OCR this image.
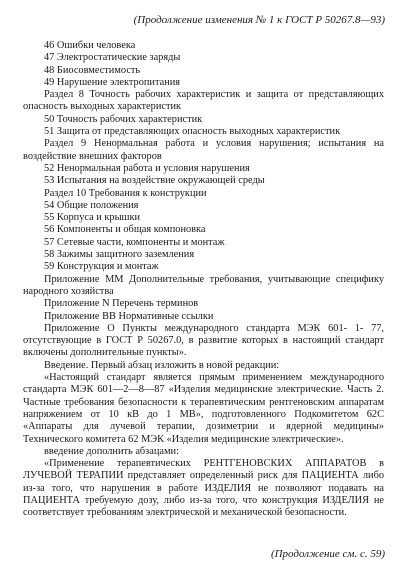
(Продолжение изменения № 1 к ГОСТ Р 50267.8—93)
46 Ошибки человека
47 Электростатические заряды
48 Биосовместимость
49 Нарушение электропитания
Раздел 8 Точность рабочих характеристик и защита от представляющих опасность выходных характеристик
50 Точность рабочих характеристик
51 Защита от представляющих опасность выходных характеристик
Раздел 9 Ненормальная работа и условия нарушения; испытания на воздействие внешних факторов
52 Ненормальная работа и условия нарушения
53 Испытания на воздействие окружающей среды
Раздел 10 Требования к конструкции
54 Общие положения
55 Корпуса и крышки
56 Компоненты и общая компоновка
57 Сетевые части, компоненты и монтаж
58 Зажимы защитного заземления
59 Конструкция и монтаж
Приложение ММ Дополнительные требования, учитывающие специфику народного хозяйства
Приложение N Перечень терминов
Приложение ВВ Нормативные ссылки
Приложение О Пункты международного стандарта МЭК 601- 1- 77, отсутствующие в ГОСТ Р 50267.0, в развитие которых в настоящий стандарт включены дополнительные пункты».
Введение. Первый абзац изложить в новой редакции:
«Настоящий стандарт является прямым применением международного стандарта МЭК 601—2—8—87 «Изделия медицинские электрические. Часть 2. Частные требования безопасности к терапевтическим рентгеновским аппаратам напряжением от 10 кВ до 1 МВ», подготовленного Подкомитетом 62С «Аппараты для лучевой терапии, дозиметрии и ядерной медицины» Технического комитета 62 МЭК «Изделия медицинские электрические».
введение дополнить абзацами:
«Применение терапевтических РЕНТГЕНОВСКИХ АППАРАТОВ в ЛУЧЕВОЙ ТЕРАПИИ представляет определенный риск для ПАЦИЕНТА либо из-за того, что нарушения в работе ИЗДЕЛИЯ не позволяют подавать на ПАЦИЕНТА требуемую дозу, либо из-за того, что конструкция ИЗДЕЛИЯ не соответствует требованиям электрической и механической безопасности.
(Продолжение см. с. 59)
